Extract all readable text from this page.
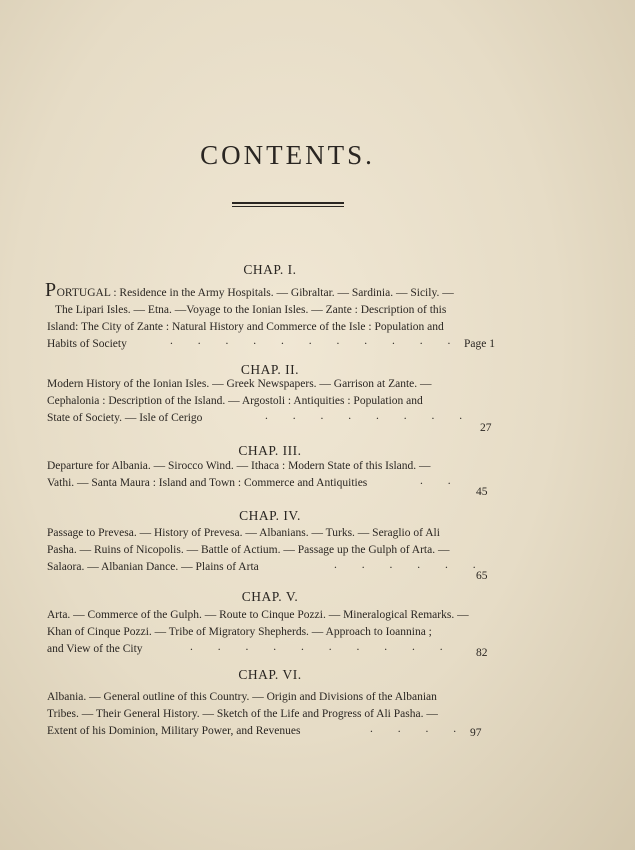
CONTENTS.
CHAP. I.
PORTUGAL : Residence in the Army Hospitals. — Gibraltar. — Sardinia. — Sicily. —
The Lipari Isles. — Etna. —Voyage to the Ionian Isles. — Zante : Description of this
Island: The City of Zante : Natural History and Commerce of the Isle : Population and
Habits of Society	. . . . . . . . . . . Page 1
CHAP. II.
Modern History of the Ionian Isles. — Greek Newspapers. — Garrison at Zante. —
Cephalonia : Description of the Island. — Argostoli : Antiquities : Population and
State of Society. — Isle of Cerigo	. . . . . . . .
27
CHAP. III.
Departure for Albania. — Sirocco Wind. — Ithaca : Modern State of this Island. —
Vathi. — Santa Maura : Island and Town : Commerce and Antiquities	. .
45
CHAP. IV.
Passage to Prevesa. — History of Prevesa. — Albanians. — Turks. — Seraglio of Ali
Pasha. — Ruins of Nicopolis. — Battle of Actium. — Passage up the Gulph of Arta. —
Salaora. — Albanian Dance. — Plains of Arta	. . . . . .
65
CHAP. V.
Arta. — Commerce of the Gulph. — Route to Cinque Pozzi. — Mineralogical Remarks. —
Khan of Cinque Pozzi. — Tribe of Migratory Shepherds. — Approach to Ioannina ;
and View of the City	. . . . . . . . . . 82
CHAP. VI.
Albania. — General outline of this Country. — Origin and Divisions of the Albanian
Tribes. — Their General History. — Sketch of the Life and Progress of Ali Pasha. —
Extent of his Dominion, Military Power, and Revenues	. . . . 97
